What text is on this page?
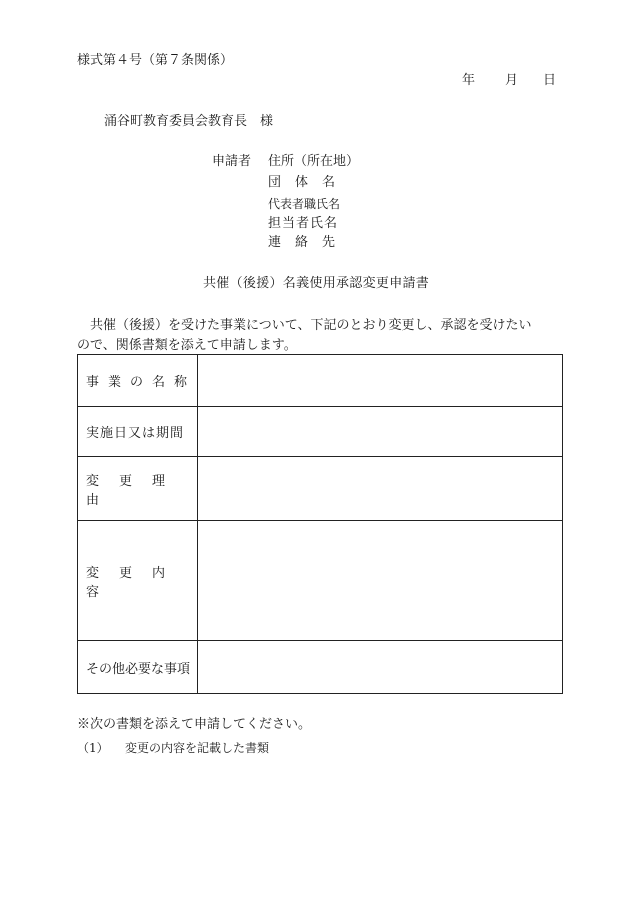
様式第４号（第７条関係）
年 月 日
涌谷町教育委員会教育長　様
申請者 住所（所在地）
団体名
代表者職氏名
担当者氏名
連絡先
共催（後援）名義使用承認変更申請書
　共催（後援）を受けた事業について、下記のとおり変更し、承認を受けたい
ので、関係書類を添えて申請します。
事業の名称	
実施日又は期間	
変更理由	
変更内容	
その他必要な事項	
※次の書類を添えて申請してください。
（1） 変更の内容を記載した書類
